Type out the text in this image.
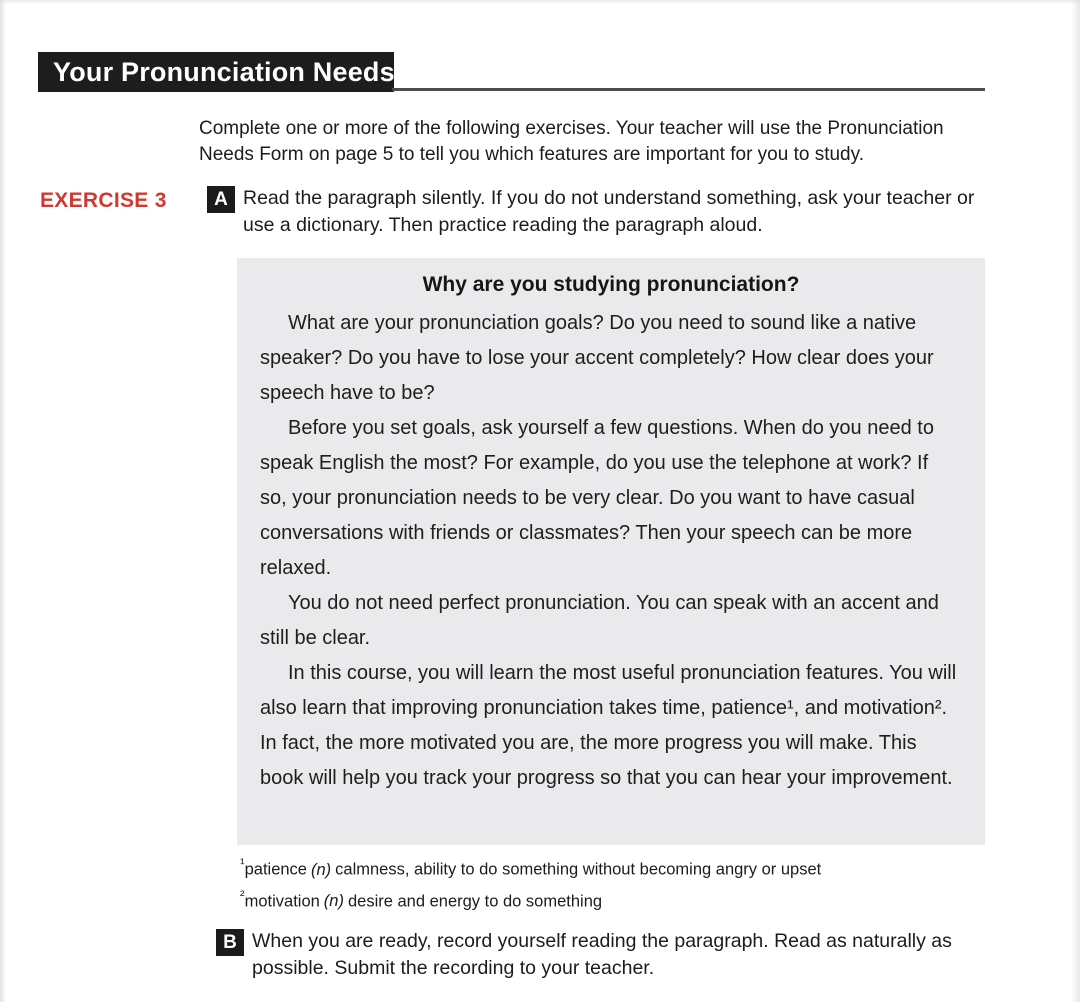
Your Pronunciation Needs
Complete one or more of the following exercises. Your teacher will use the Pronunciation Needs Form on page 5 to tell you which features are important for you to study.
EXERCISE 3	A Read the paragraph silently. If you do not understand something, ask your teacher or use a dictionary. Then practice reading the paragraph aloud.
Why are you studying pronunciation?

What are your pronunciation goals? Do you need to sound like a native speaker? Do you have to lose your accent completely? How clear does your speech have to be?

Before you set goals, ask yourself a few questions. When do you need to speak English the most? For example, do you use the telephone at work? If so, your pronunciation needs to be very clear. Do you want to have casual conversations with friends or classmates? Then your speech can be more relaxed.

You do not need perfect pronunciation. You can speak with an accent and still be clear.

In this course, you will learn the most useful pronunciation features. You will also learn that improving pronunciation takes time, patience¹, and motivation². In fact, the more motivated you are, the more progress you will make. This book will help you track your progress so that you can hear your improvement.

$^{^1}$patience (n) calmness, ability to do something without becoming angry or upset
$^{^2}$motivation (n) desire and energy to do something
B When you are ready, record yourself reading the paragraph. Read as naturally as possible. Submit the recording to your teacher.
